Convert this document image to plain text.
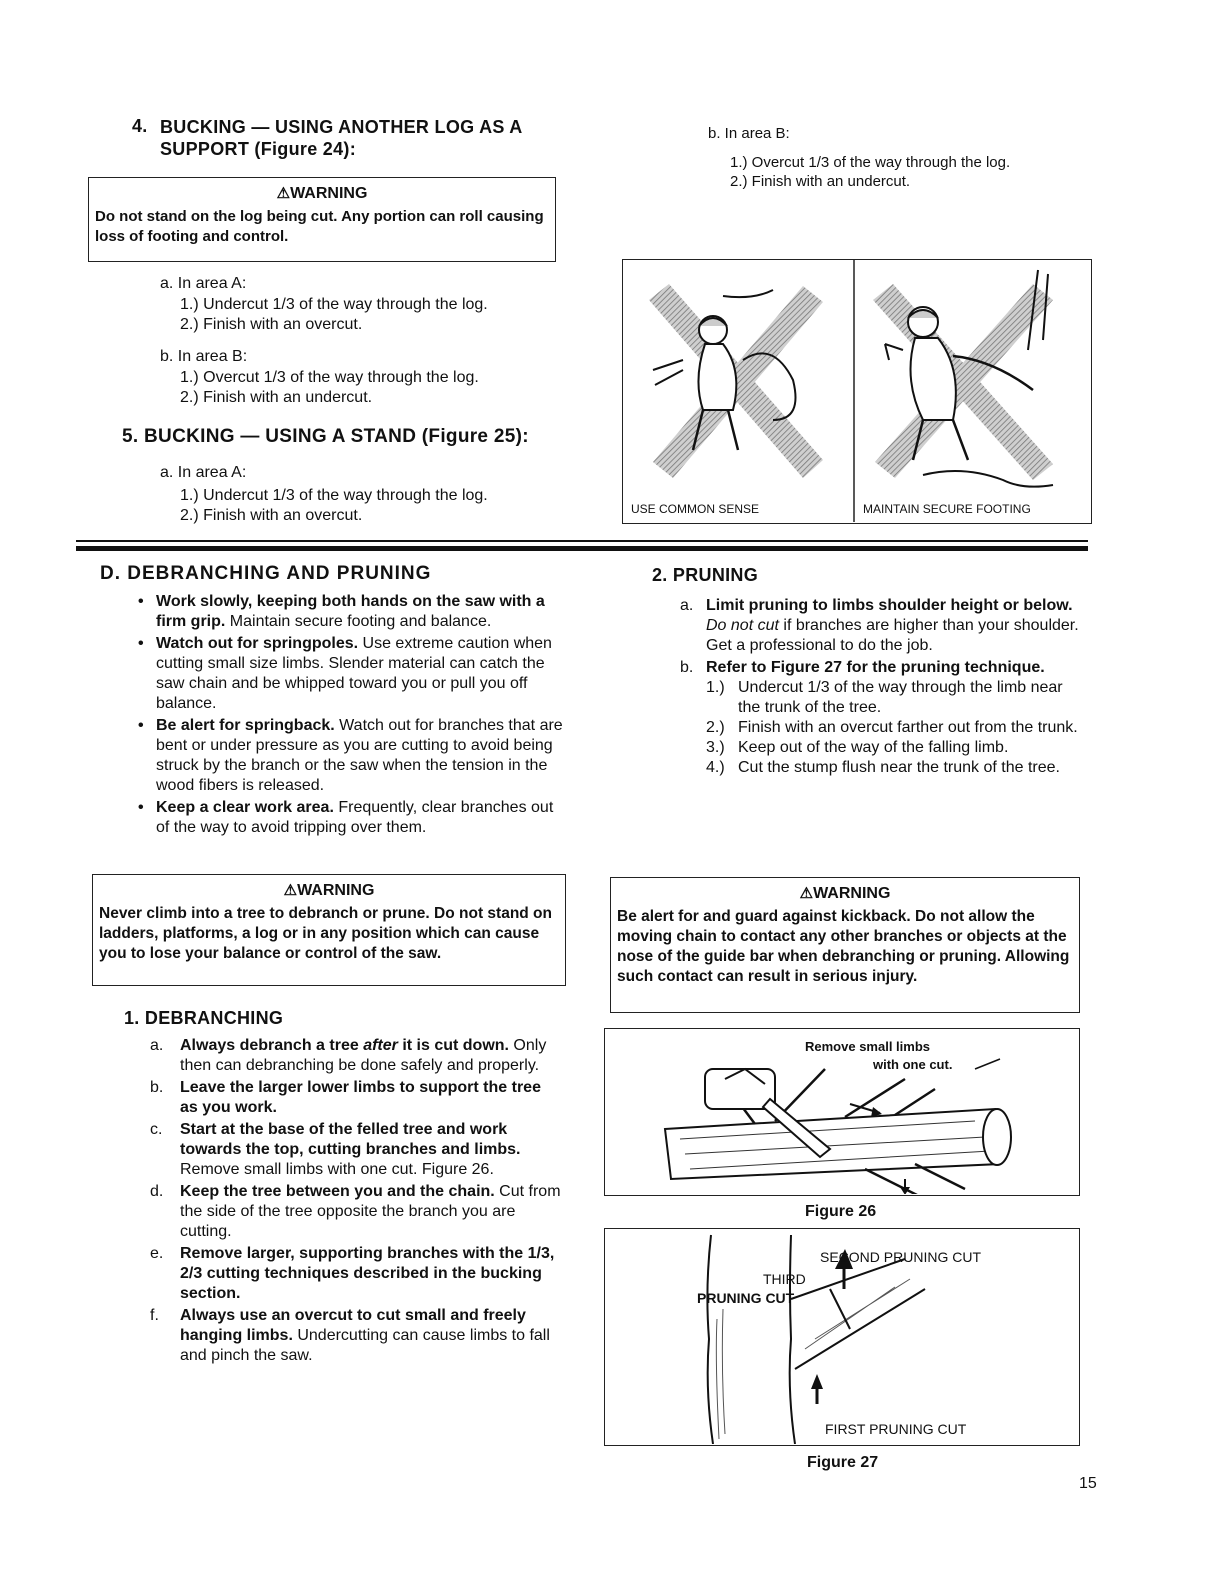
4. BUCKING — USING ANOTHER LOG AS A
SUPPORT (Figure 24):
⚠WARNING
Do not stand on the log being cut. Any portion can roll causing loss of footing and control.
a. In area A:
1.) Undercut 1/3 of the way through the log.
2.) Finish with an overcut.
b. In area B:
1.) Overcut 1/3 of the way through the log.
2.) Finish with an undercut.
5. BUCKING — USING A STAND (Figure 25):
a. In area A:
1.) Undercut 1/3 of the way through the log.
2.) Finish with an overcut.
b. In area B:
1.) Overcut 1/3 of the way through the log.
2.) Finish with an undercut.
USE COMMON SENSE	MAINTAIN SECURE FOOTING
D. DEBRANCHING AND PRUNING
• Work slowly, keeping both hands on the saw with a firm grip. Maintain secure footing and balance.
• Watch out for springpoles. Use extreme caution when cutting small size limbs. Slender material can catch the saw chain and be whipped toward you or pull you off balance.
• Be alert for springback. Watch out for branches that are bent or under pressure as you are cutting to avoid being struck by the branch or the saw when the tension in the wood fibers is released.
• Keep a clear work area. Frequently, clear branches out of the way to avoid tripping over them.
⚠WARNING
Never climb into a tree to debranch or prune. Do not stand on ladders, platforms, a log or in any position which can cause you to lose your balance or control of the saw.
1. DEBRANCHING
a. Always debranch a tree after it is cut down. Only then can debranching be done safely and properly.
b. Leave the larger lower limbs to support the tree as you work.
c. Start at the base of the felled tree and work towards the top, cutting branches and limbs. Remove small limbs with one cut. Figure 26.
d. Keep the tree between you and the chain. Cut from the side of the tree opposite the branch you are cutting.
e. Remove larger, supporting branches with the 1/3, 2/3 cutting techniques described in the bucking section.
f. Always use an overcut to cut small and freely hanging limbs. Undercutting can cause limbs to fall and pinch the saw.
2. PRUNING
a. Limit pruning to limbs shoulder height or below. Do not cut if branches are higher than your shoulder. Get a professional to do the job.
b. Refer to Figure 27 for the pruning technique.
1.) Undercut 1/3 of the way through the limb near the trunk of the tree.
2.) Finish with an overcut farther out from the trunk.
3.) Keep out of the way of the falling limb.
4.) Cut the stump flush near the trunk of the tree.
⚠WARNING
Be alert for and guard against kickback. Do not allow the moving chain to contact any other branches or objects at the nose of the guide bar when debranching or pruning. Allowing such contact can result in serious injury.
Remove small limbs
with one cut.
Figure 26
SECOND PRUNING CUT
THIRD
PRUNING CUT
FIRST PRUNING CUT
Figure 27
15
